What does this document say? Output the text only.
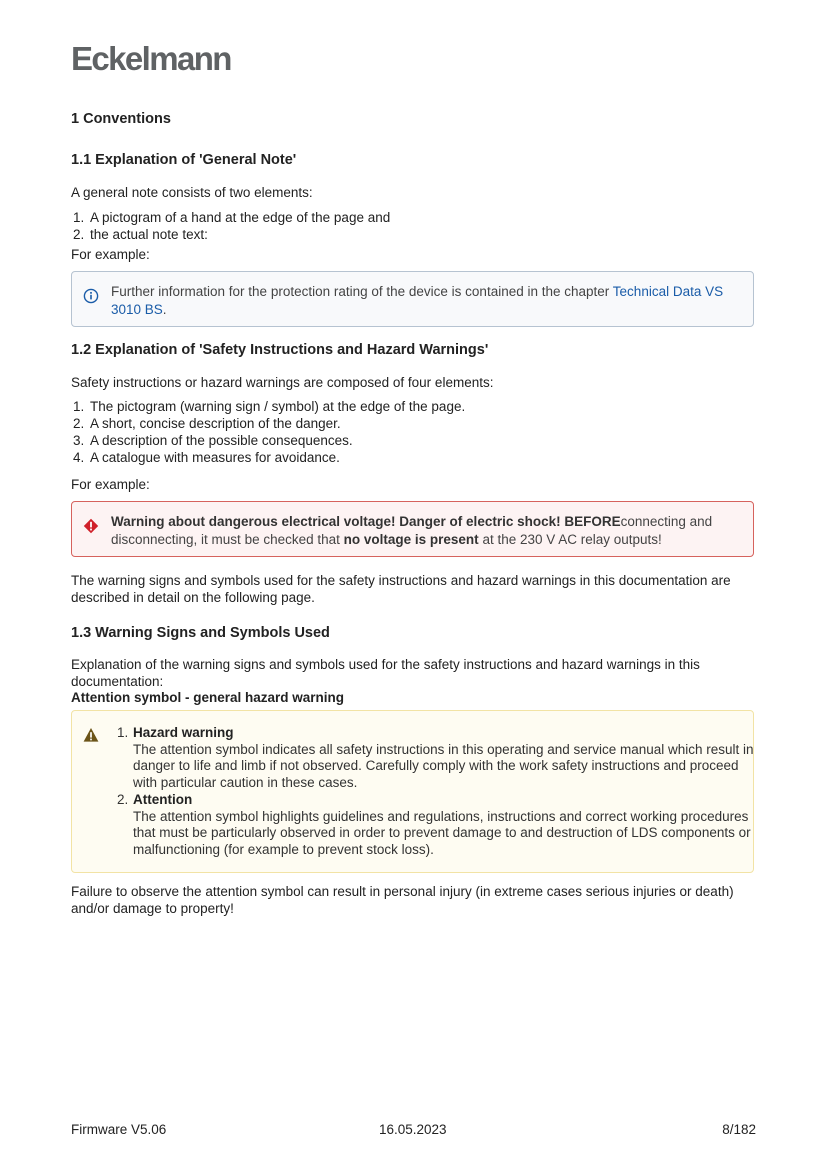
Eckelmann
1 Conventions
1.1 Explanation of 'General Note'
A general note consists of two elements:
1. A pictogram of a hand at the edge of the page and
2. the actual note text:
For example:
Further information for the protection rating of the device is contained in the chapter Technical Data VS 3010 BS.
1.2 Explanation of 'Safety Instructions and Hazard Warnings'
Safety instructions or hazard warnings are composed of four elements:
1. The pictogram (warning sign / symbol) at the edge of the page.
2. A short, concise description of the danger.
3. A description of the possible consequences.
4. A catalogue with measures for avoidance.
For example:
Warning about dangerous electrical voltage! Danger of electric shock! BEFOREconnecting and disconnecting, it must be checked that no voltage is present at the 230 V AC relay outputs!
The warning signs and symbols used for the safety instructions and hazard warnings in this documentation are described in detail on the following page.
1.3 Warning Signs and Symbols Used
Explanation of the warning signs and symbols used for the safety instructions and hazard warnings in this documentation:
Attention symbol - general hazard warning
1. Hazard warning
The attention symbol indicates all safety instructions in this operating and service manual which result in danger to life and limb if not observed. Carefully comply with the work safety instructions and proceed with particular caution in these cases.
2. Attention
The attention symbol highlights guidelines and regulations, instructions and correct working procedures that must be particularly observed in order to prevent damage to and destruction of LDS components or malfunctioning (for example to prevent stock loss).
Failure to observe the attention symbol can result in personal injury (in extreme cases serious injuries or death) and/or damage to property!
Firmware V5.06	16.05.2023	8/182
